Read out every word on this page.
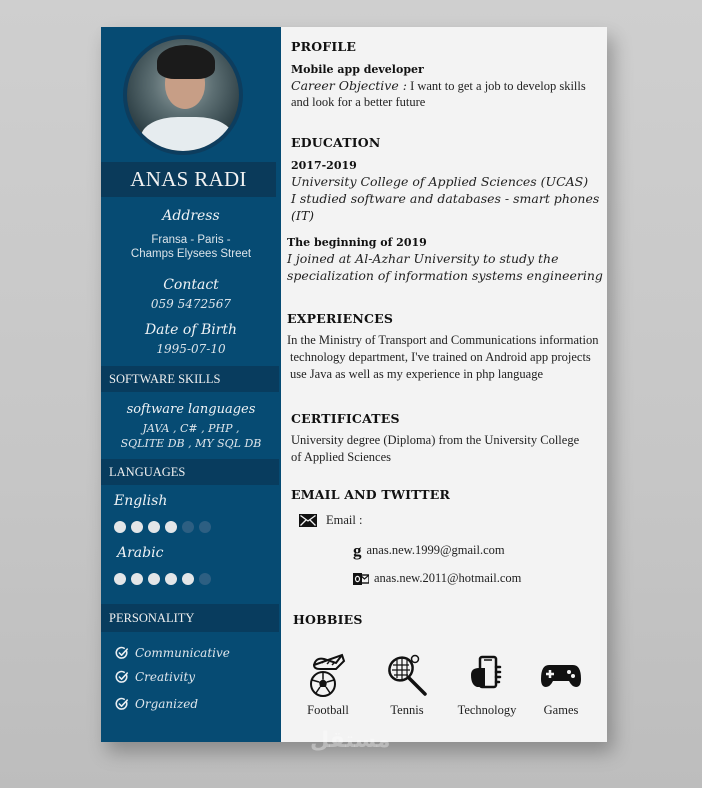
ANAS RADI
Address
Fransa - Paris -
Champs Elysees Street
Contact
059 5472567
Date of Birth
1995-07-10
SOFTWARE SKILLS
software languages
JAVA , C# , PHP ,
SQLITE DB , MY SQL DB
LANGUAGES
English
Arabic
PERSONALITY
Communicative
Creativity
Organized
PROFILE
Mobile app developer
Career Objective : I want to get a job to develop skills
and look for a better future
EDUCATION
2017-2019
University College of Applied Sciences (UCAS)
I studied software and databases - smart phones
(IT)
The beginning of 2019
I joined at Al-Azhar University to study the
specialization of information systems engineering
EXPERIENCES
In the Ministry of Transport and Communications information
technology department, I've trained on Android app projects
use Java as well as my experience in php language
CERTIFICATES
University degree (Diploma) from the University College
of Applied Sciences
EMAIL AND TWITTER
Email :
g anas.new.1999@gmail.com
anas.new.2011@hotmail.com
HOBBIES
Football	Tennis	Technology	Games
مستقل
